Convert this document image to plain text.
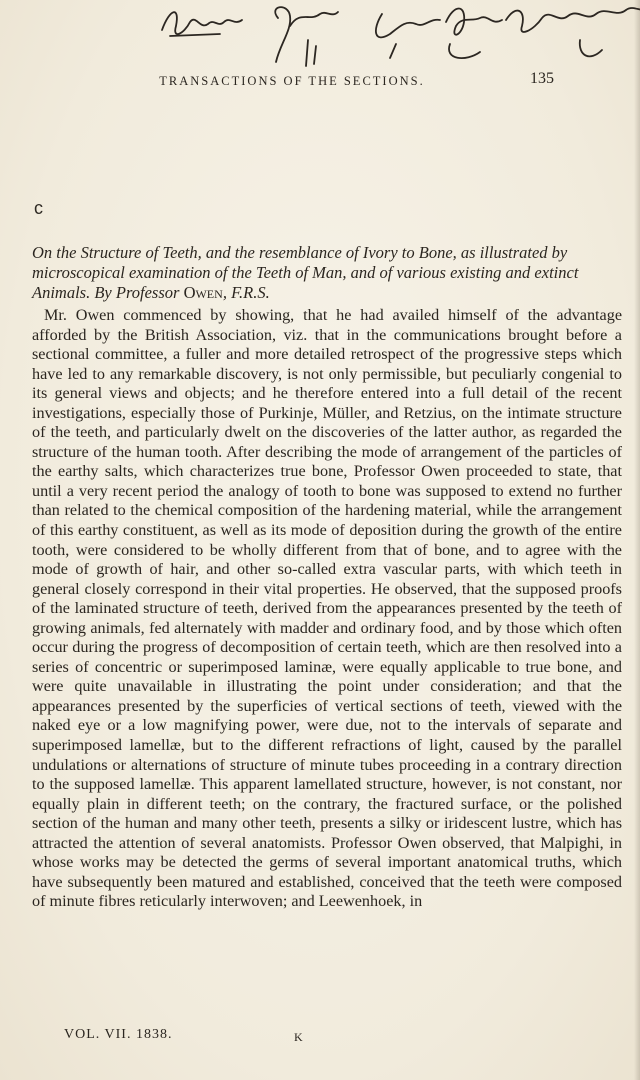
TRANSACTIONS OF THE SECTIONS.	135
c
On the Structure of Teeth, and the resemblance of Ivory to Bone, as illustrated by microscopical examination of the Teeth of Man, and of various existing and extinct Animals. By Professor Owen, F.R.S.

Mr. Owen commenced by showing, that he had availed himself of the advantage afforded by the British Association, viz. that in the communications brought before a sectional committee, a fuller and more detailed retrospect of the progressive steps which have led to any remarkable discovery, is not only permissible, but peculiarly congenial to its general views and objects; and he therefore entered into a full detail of the recent investigations, especially those of Purkinje, Müller, and Retzius, on the intimate structure of the teeth, and particularly dwelt on the discoveries of the latter author, as regarded the structure of the human tooth. After describing the mode of arrangement of the particles of the earthy salts, which characterizes true bone, Professor Owen proceeded to state, that until a very recent period the analogy of tooth to bone was supposed to extend no further than related to the chemical composition of the hardening material, while the arrangement of this earthy constituent, as well as its mode of deposition during the growth of the entire tooth, were considered to be wholly different from that of bone, and to agree with the mode of growth of hair, and other so-called extra vascular parts, with which teeth in general closely correspond in their vital properties. He observed, that the supposed proofs of the laminated structure of teeth, derived from the appearances presented by the teeth of growing animals, fed alternately with madder and ordinary food, and by those which often occur during the progress of decomposition of certain teeth, which are then resolved into a series of concentric or superimposed laminæ, were equally applicable to true bone, and were quite unavailable in illustrating the point under consideration; and that the appearances presented by the superficies of vertical sections of teeth, viewed with the naked eye or a low magnifying power, were due, not to the intervals of separate and superimposed lamellæ, but to the different refractions of light, caused by the parallel undulations or alternations of structure of minute tubes proceeding in a contrary direction to the supposed lamellæ. This apparent lamellated structure, however, is not constant, nor equally plain in different teeth; on the contrary, the fractured surface, or the polished section of the human and many other teeth, presents a silky or iridescent lustre, which has attracted the attention of several anatomists. Professor Owen observed, that Malpighi, in whose works may be detected the germs of several important anatomical truths, which have subsequently been matured and established, conceived that the teeth were composed of minute fibres reticularly interwoven; and Leewenhoek, in

VOL. VII. 1838.	K
